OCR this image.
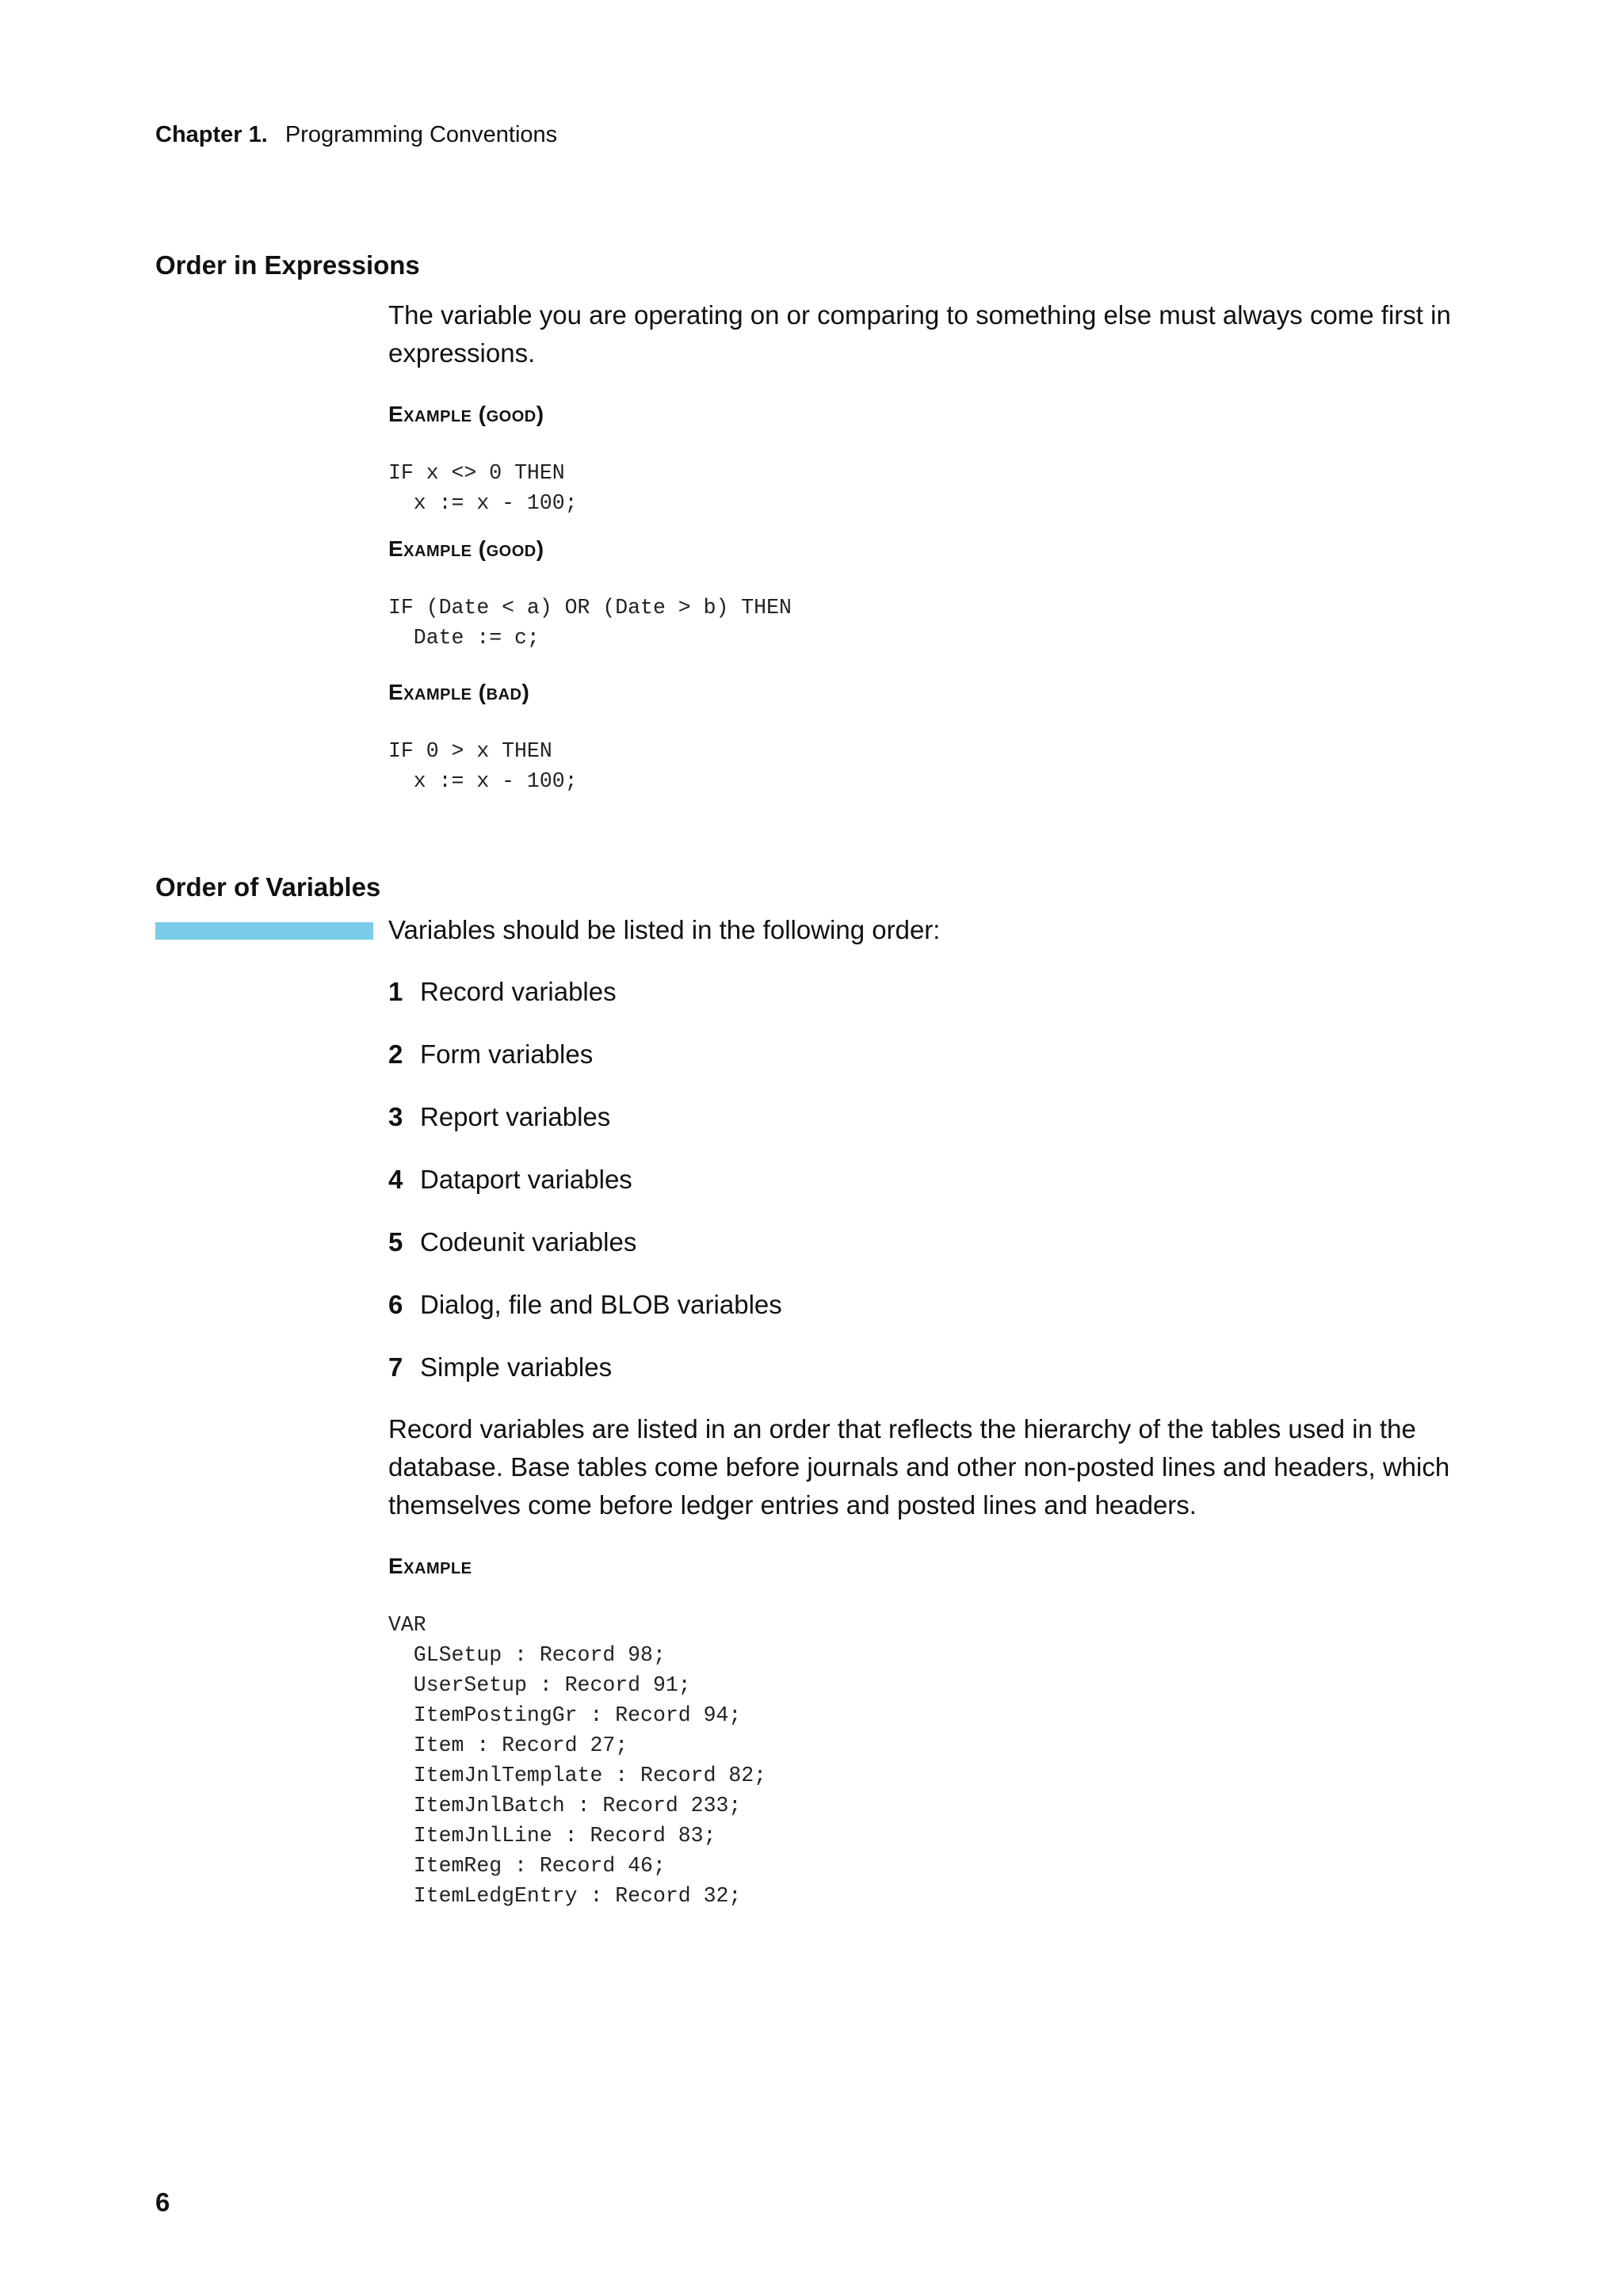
Chapter 1. Programming Conventions
Order in Expressions
The variable you are operating on or comparing to something else must always come first in expressions.
Example (good)
IF x <> 0 THEN
x := x - 100;
Example (good)
IF (Date < a) OR (Date > b) THEN
Date := c;
Example (bad)
IF 0 > x THEN
x := x - 100;
Order of Variables
Variables should be listed in the following order:
1 Record variables
2 Form variables
3 Report variables
4 Dataport variables
5 Codeunit variables
6 Dialog, file and BLOB variables
7 Simple variables
Record variables are listed in an order that reflects the hierarchy of the tables used in the database. Base tables come before journals and other non-posted lines and headers, which themselves come before ledger entries and posted lines and headers.
Example
VAR
GLSetup : Record 98;
UserSetup : Record 91;
ItemPostingGr : Record 94;
Item : Record 27;
ItemJnlTemplate : Record 82;
ItemJnlBatch : Record 233;
ItemJnlLine : Record 83;
ItemReg : Record 46;
ItemLedgEntry : Record 32;
6
